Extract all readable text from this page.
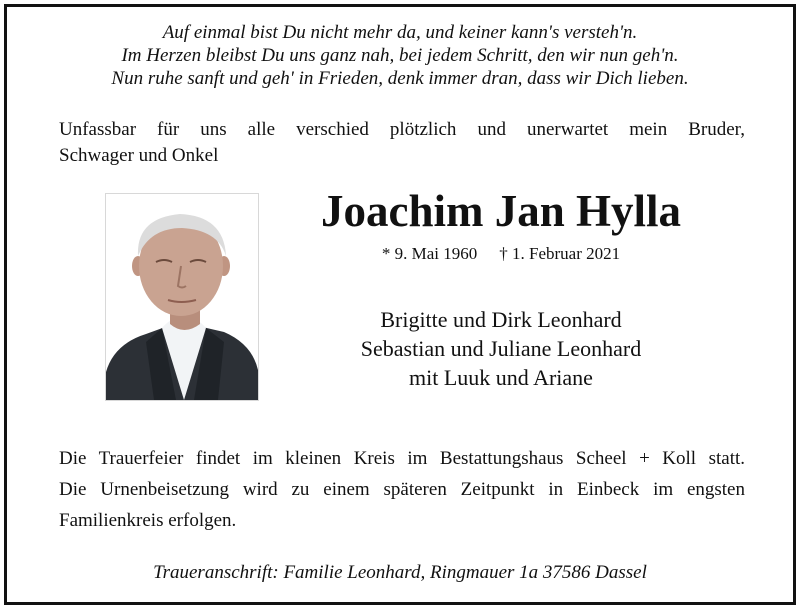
Auf einmal bist Du nicht mehr da, und keiner kann's versteh'n.
Im Herzen bleibst Du uns ganz nah, bei jedem Schritt, den wir nun geh'n.
Nun ruhe sanft und geh' in Frieden, denk immer dran, dass wir Dich lieben.
Unfassbar für uns alle verschied plötzlich und unerwartet mein Bruder,
Schwager und Onkel
Joachim Jan Hylla
* 9. Mai 1960 † 1. Februar 2021
Brigitte und Dirk Leonhard
Sebastian und Juliane Leonhard
mit Luuk und Ariane
Die Trauerfeier findet im kleinen Kreis im Bestattungshaus Scheel + Koll statt.
Die Urnenbeisetzung wird zu einem späteren Zeitpunkt in Einbeck im engsten
Familienkreis erfolgen.
Traueranschrift: Familie Leonhard, Ringmauer 1a 37586 Dassel
